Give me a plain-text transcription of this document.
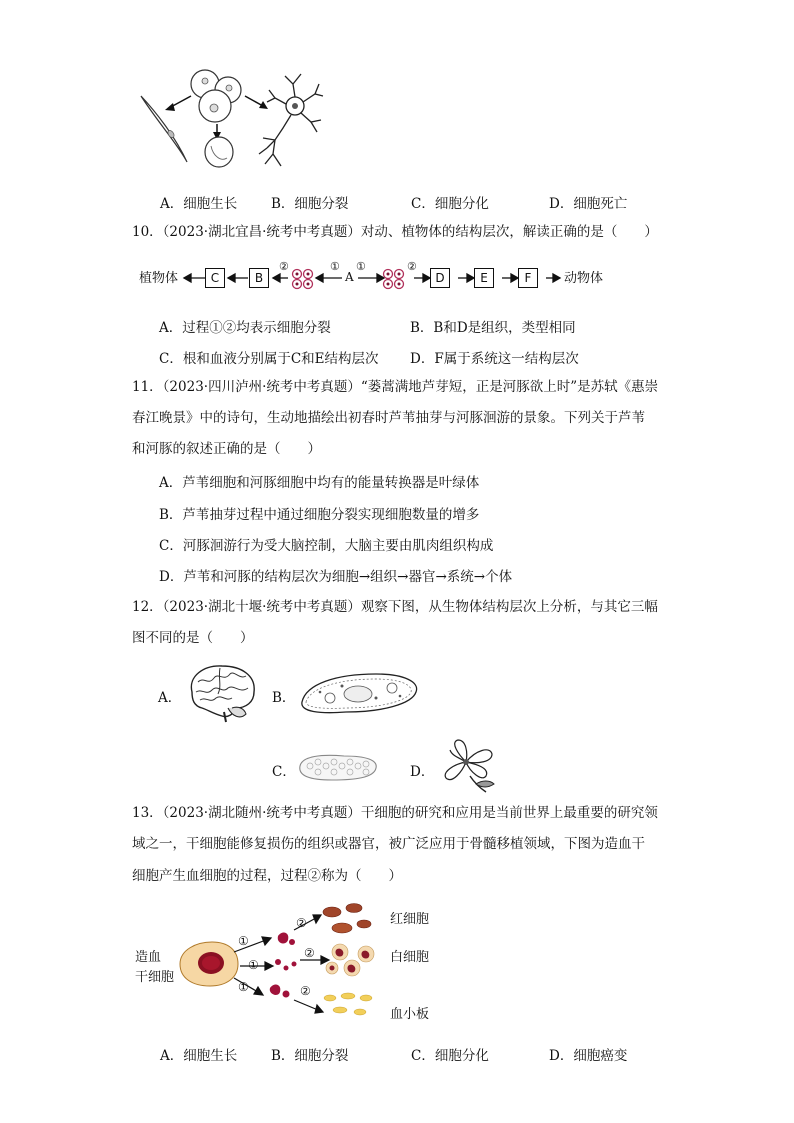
A．细胞生长	B．细胞分裂	C．细胞分化	D．细胞死亡
10．（2023·湖北宜昌·统考中考真题）对动、植物体的结构层次，解读正确的是（　　）
植物体	C	B
②	①
A
①	②
D	E	F	动物体
A．过程①②均表示细胞分裂	B．B和D是组织，类型相同
C．根和血液分别属于C和E结构层次 D．F属于系统这一结构层次
11．（2023·四川泸州·统考中考真题）“蒌蒿满地芦芽短，正是河豚欲上时”是苏轼《惠崇
春江晚景》中的诗句，生动地描绘出初春时芦苇抽芽与河豚洄游的景象。下列关于芦苇
和河豚的叙述正确的是（　　）
A．芦苇细胞和河豚细胞中均有的能量转换器是叶绿体
B．芦苇抽芽过程中通过细胞分裂实现细胞数量的增多
C．河豚洄游行为受大脑控制，大脑主要由肌肉组织构成
D．芦苇和河豚的结构层次为细胞→组织→器官→系统→个体
12．（2023·湖北十堰·统考中考真题）观察下图，从生物体结构层次上分析，与其它三幅
图不同的是（　　）
A．	B．
C．	D．
13．（2023·湖北随州·统考中考真题）干细胞的研究和应用是当前世界上最重要的研究领
域之一，干细胞能修复损伤的组织或器官，被广泛应用于骨髓移植领域，下图为造血干
细胞产生血细胞的过程，过程②称为（　　）
造血
干细胞
①
①
①
②
②
②
红细胞
白细胞
血小板
A．细胞生长	B．细胞分裂	C．细胞分化	D．细胞癌变
